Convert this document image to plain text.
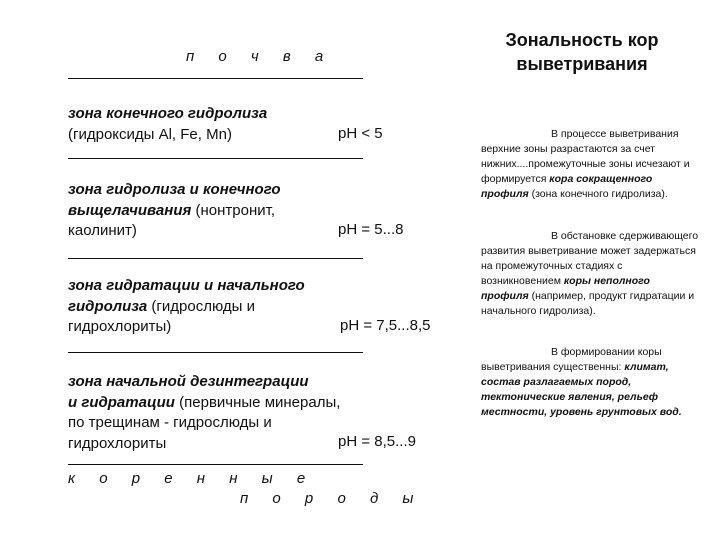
п о ч в а
зона конечного гидролиза
(гидроксиды Al, Fe, Mn)	pH < 5
зона гидролиза и конечного
выщелачивания (нонтронит,
каолинит)	pH = 5...8
зона гидратации и начального
гидролиза (гидрослюды и
гидрохлориты)	pH = 7,5...8,5
зона начальной дезинтеграции
и гидратации (первичные минералы,
по трещинам - гидрослюды и
гидрохлориты	pH = 8,5...9
к о р е н н ы е
п о р о д ы
Зональность кор выветривания
В процессе выветривания верхние зоны разрастаются за счет нижних....промежуточные зоны исчезают и формируется кора сокращенного профиля (зона конечного гидролиза).
В обстановке сдерживающего развития выветривание может задержаться на промежуточных стадиях с возникновением коры неполного профиля (например, продукт гидратации и начального гидролиза).
В формировании коры выветривания существенны: климат, состав разлагаемых пород, тектонические явления, рельеф местности, уровень грунтовых вод.
